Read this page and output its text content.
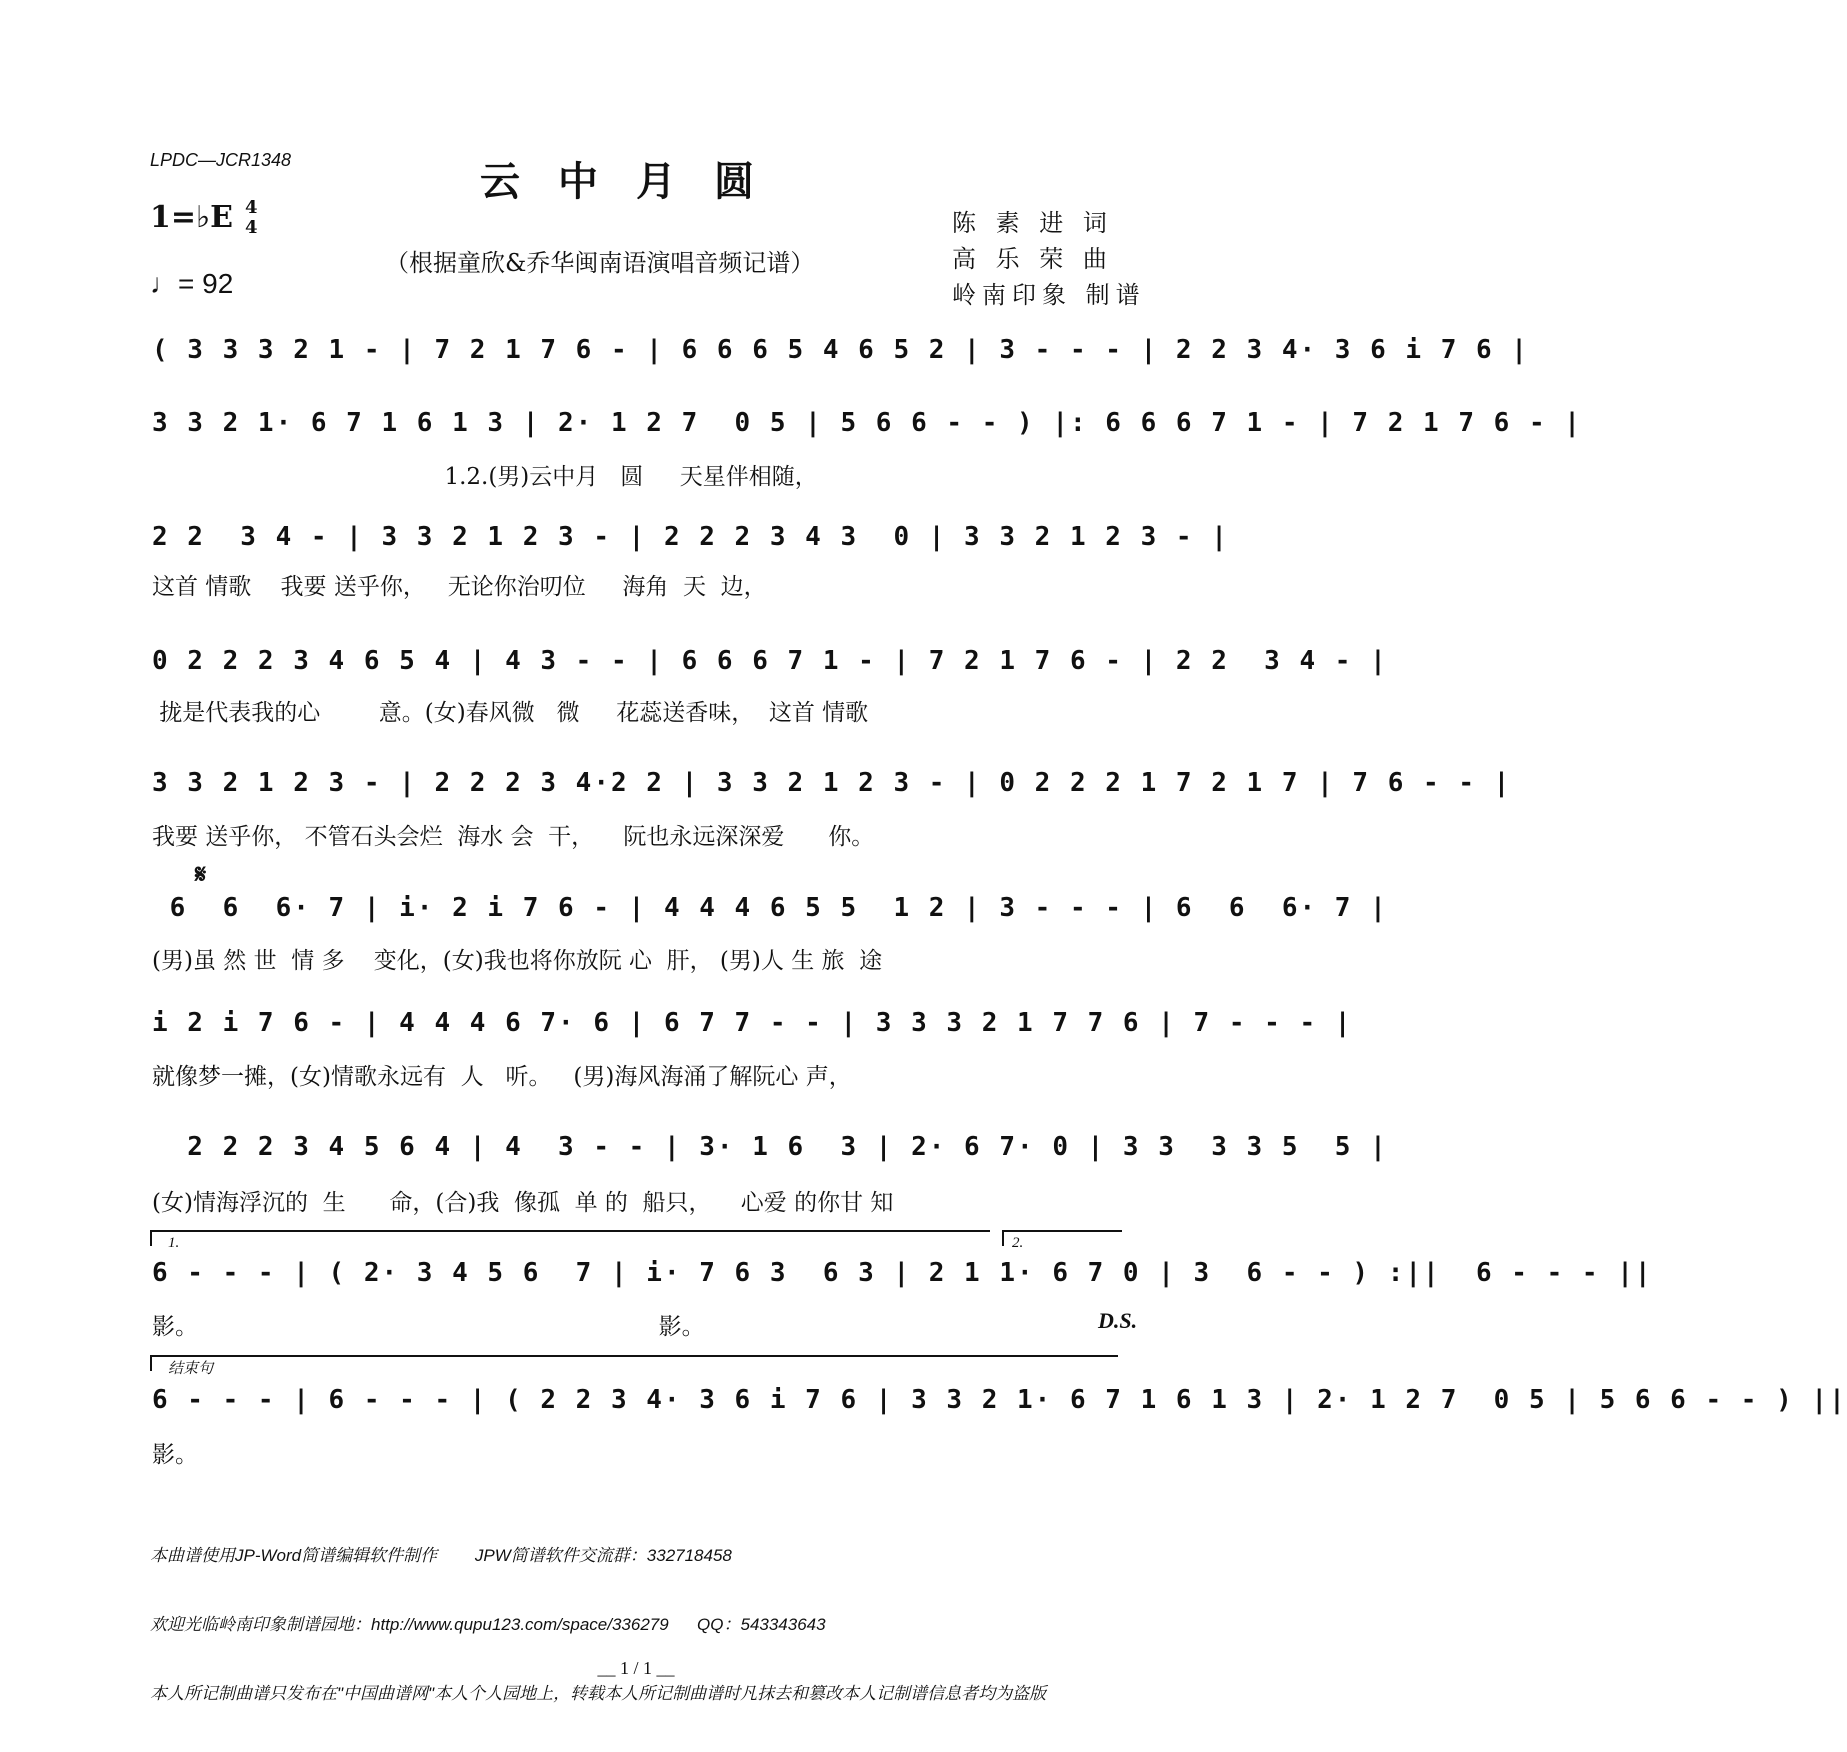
LPDC—JCR1348	云中月圆
1=♭E 4
4
♩= 92
（根据童欣&乔华闽南语演唱音频记谱）
陈 素 进 词
高 乐 荣 曲
岭南印象 制谱
( 3 3 3 2 1 - | 7 2 1 7 6 - | 6 6 6 5 4 6 5 2 | 3 - - - | 2 2 3 4· 3 6 i 7 6 |
3 3 2 1· 6 7 1 6 1 3 | 2· 1 2 7  0 5 | 5 6 6 - - ) |: 6 6 6 7 1 - | 7 2 1 7 6 - |
1.2.(男)云中月   圆     天星伴相随，
2 2  3 4 - | 3 3 2 1 2 3 - | 2 2 2 3 4 3  0 | 3 3 2 1 2 3 - |
这首 情歌    我要 送乎你，   无论你治叨位     海角  天  边，
0 2 2 2 3 4 6 5 4 | 4 3 - - | 6 6 6 7 1 - | 7 2 1 7 6 - | 2 2  3 4 - |
拢是代表我的心        意。(女)春风微   微     花蕊送香味，  这首 情歌
3 3 2 1 2 3 - | 2 2 2 3 4·2 2 | 3 3 2 1 2 3 - | 0 2 2 2 1 7 2 1 7 | 7 6 - - |
我要 送乎你， 不管石头会烂  海水 会  干，    阮也永远深深爱      你。
𝄋
6  6  6· 7 | i· 2 i 7 6 - | 4 4 4 6 5 5  1 2 | 3 - - - | 6  6  6· 7 |
(男)虽 然 世  情 多    变化，(女)我也将你放阮 心  肝， (男)人 生 旅  途
i 2 i 7 6 - | 4 4 4 6 7· 6 | 6 7 7 - - | 3 3 3 2 1 7 7 6 | 7 - - - |
就像梦一摊，(女)情歌永远有  人   听。   (男)海风海涌了解阮心 声，
2 2 2 3 4 5 6 4 | 4  3 - - | 3· 1 6  3 | 2· 6 7· 0 | 3 3  3 3 5  5 |
(女)情海浮沉的  生      命，(合)我  像孤  单 的  船只，    心爱 的你甘 知
1.	2.
6 - - - | ( 2· 3 4 5 6  7 | i· 7 6 3  6 3 | 2 1 1· 6 7 0 | 3  6 - - ) :||  6 - - - ||
影。                                                               影。	D.S.
结束句
6 - - - | 6 - - - | ( 2 2 3 4· 3 6 i 7 6 | 3 3 2 1· 6 7 1 6 1 3 | 2· 1 2 7  0 5 | 5 6 6 - - ) ||
影。

本曲谱使用JP-Word简谱编辑软件制作        JPW简谱软件交流群：332718458

欢迎光临岭南印象制谱园地：http://www.qupu123.com/space/336279      QQ：543343643

本人所记制曲谱只发布在"中国曲谱网"本人个人园地上，转载本人所记制曲谱时凡抹去和篡改本人记制谱信息者均为盗版

__ 1 / 1 __
